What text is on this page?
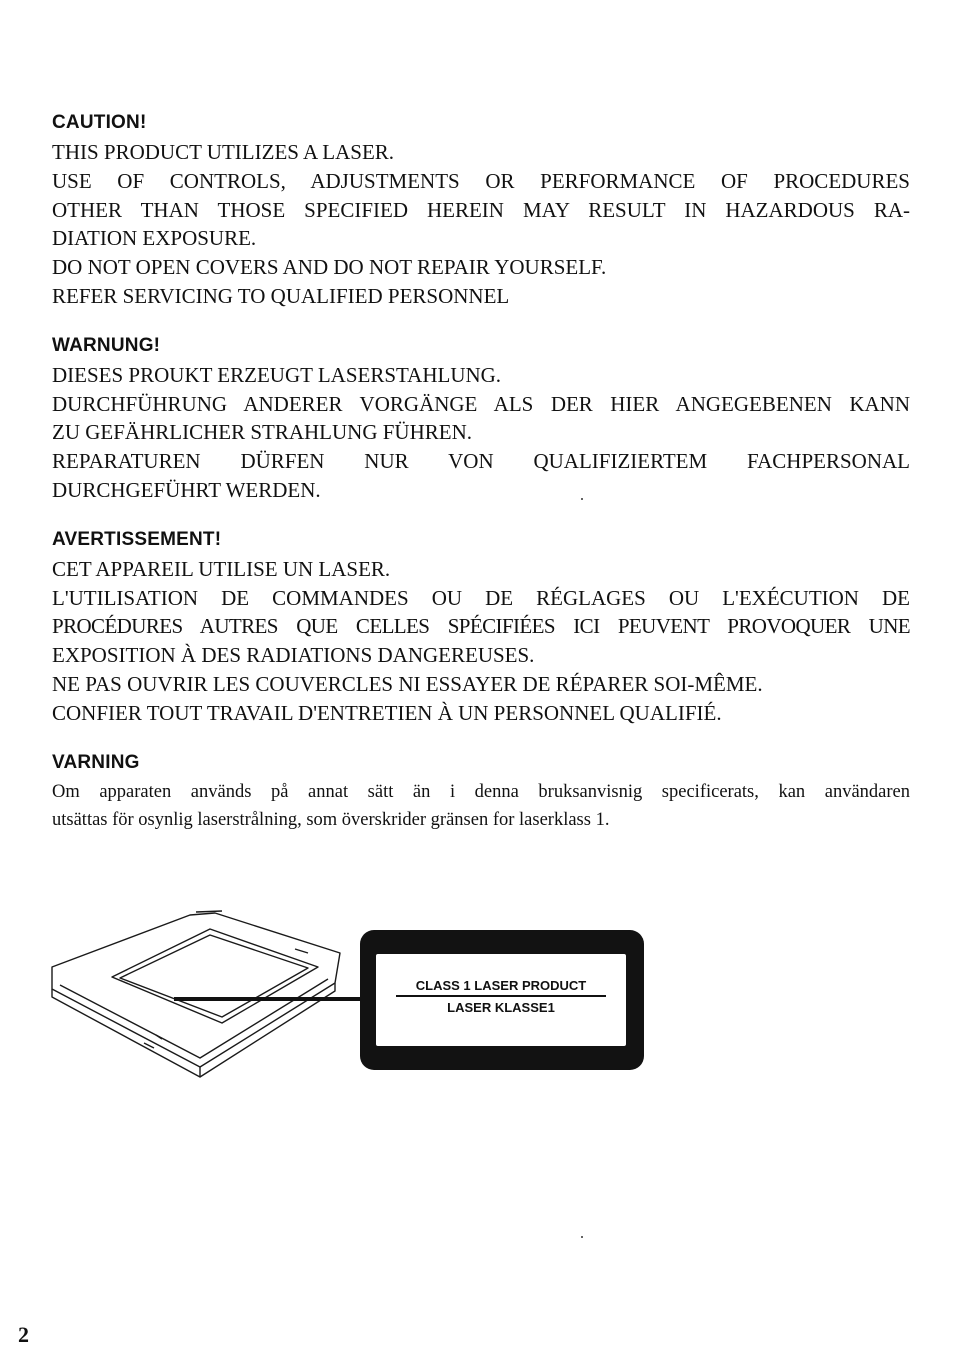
CAUTION!
THIS PRODUCT UTILIZES A LASER.
USE OF CONTROLS, ADJUSTMENTS OR PERFORMANCE OF PROCEDURES
OTHER THAN THOSE SPECIFIED HEREIN MAY RESULT IN HAZARDOUS RA-
DIATION EXPOSURE.
DO NOT OPEN COVERS AND DO NOT REPAIR YOURSELF.
REFER SERVICING TO QUALIFIED PERSONNEL
WARNUNG!
DIESES PROUKT ERZEUGT LASERSTAHLUNG.
DURCHFÜHRUNG ANDERER VORGÄNGE ALS DER HIER ANGEGEBENEN KANN
ZU GEFÄHRLICHER STRAHLUNG FÜHREN.
REPARATUREN DÜRFEN NUR VON QUALIFIZIERTEM FACHPERSONAL
DURCHGEFÜHRT WERDEN.
AVERTISSEMENT!
CET APPAREIL UTILISE UN LASER.
L'UTILISATION DE COMMANDES OU DE RÉGLAGES OU L'EXÉCUTION DE
PROCÉDURES AUTRES QUE CELLES SPÉCIFIÉES ICI PEUVENT PROVOQUER UNE
EXPOSITION À DES RADIATIONS DANGEREUSES.
NE PAS OUVRIR LES COUVERCLES NI ESSAYER DE RÉPARER SOI-MÊME.
CONFIER TOUT TRAVAIL D'ENTRETIEN À UN PERSONNEL QUALIFIÉ.
VARNING
Om apparaten används på annat sätt än i denna bruksanvisnig specificerats, kan användaren
utsättas för osynlig laserstrålning, som överskrider gränsen for laserklass 1.
CLASS 1 LASER PRODUCT
LASER KLASSE1
2
